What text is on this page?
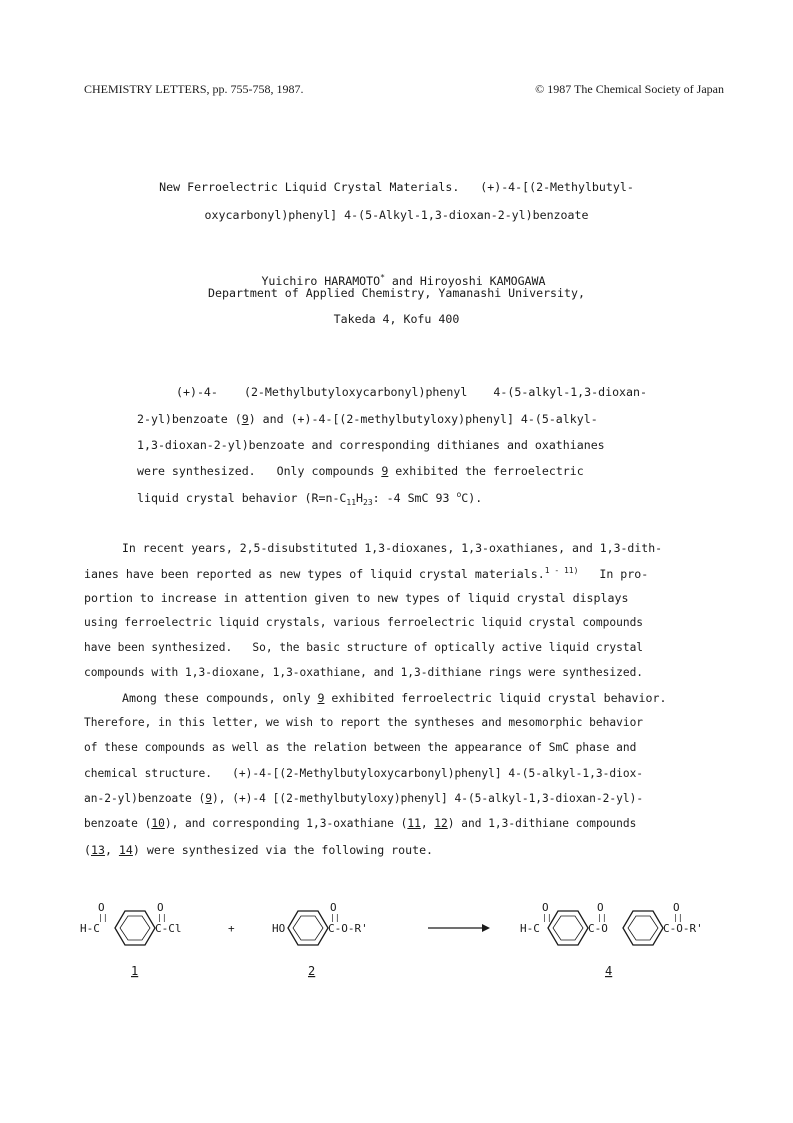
CHEMISTRY LETTERS, pp. 755-758, 1987.	© 1987 The Chemical Society of Japan
New Ferroelectric Liquid Crystal Materials.   (+)-4-[(2-Methylbutyl-
oxycarbonyl)phenyl] 4-(5-Alkyl-1,3-dioxan-2-yl)benzoate

Yuichiro HARAMOTO* and Hiroyoshi KAMOGAWA

Department of Applied Chemistry, Yamanashi University,
Takeda 4, Kofu 400
(+)-4- (2-Methylbutyloxycarbonyl)phenyl 4-(5-alkyl-1,3-dioxan-
2-yl)benzoate (9) and (+)-4-[(2-methylbutyloxy)phenyl] 4-(5-alkyl-
1,3-dioxan-2-yl)benzoate and corresponding dithianes and oxathianes
were synthesized.   Only compounds 9 exhibited the ferroelectric
liquid crystal behavior ($R=n-C_{11}H_{23}$: -4 SmC 93 $^o$C).
In recent years, 2,5-disubstituted 1,3-dioxanes, 1,3-oxathianes, and 1,3-dith-
ianes have been reported as new types of liquid crystal materials.$^{1 - 11)}$ In pro-
portion to increase in attention given to new types of liquid crystal displays
using ferroelectric liquid crystals, various ferroelectric liquid crystal compounds
have been synthesized.   So, the basic structure of optically active liquid crystal
compounds with 1,3-dioxane, 1,3-oxathiane, and 1,3-dithiane rings were synthesized.
Among these compounds, only 9 exhibited ferroelectric liquid crystal behavior.
Therefore, in this letter, we wish to report the syntheses and mesomorphic behavior
of these compounds as well as the relation between the appearance of SmC phase and
chemical structure.   (+)-4-[(2-Methylbutyloxycarbonyl)phenyl] 4-(5-alkyl-1,3-diox-
an-2-yl)benzoate (9), (+)-4 [(2-methylbutyloxy)phenyl] 4-(5-alkyl-1,3-dioxan-2-yl)-
benzoate (10), and corresponding 1,3-oxathiane (11, 12) and 1,3-dithiane compounds
(13, 14) were synthesized via the following route.
O
||
H-C
O
||
C-Cl	+	HO
O
||
C-O-R'
O
||
H-C
O
||
C-O
O
||
C-O-R'
1	2	4
